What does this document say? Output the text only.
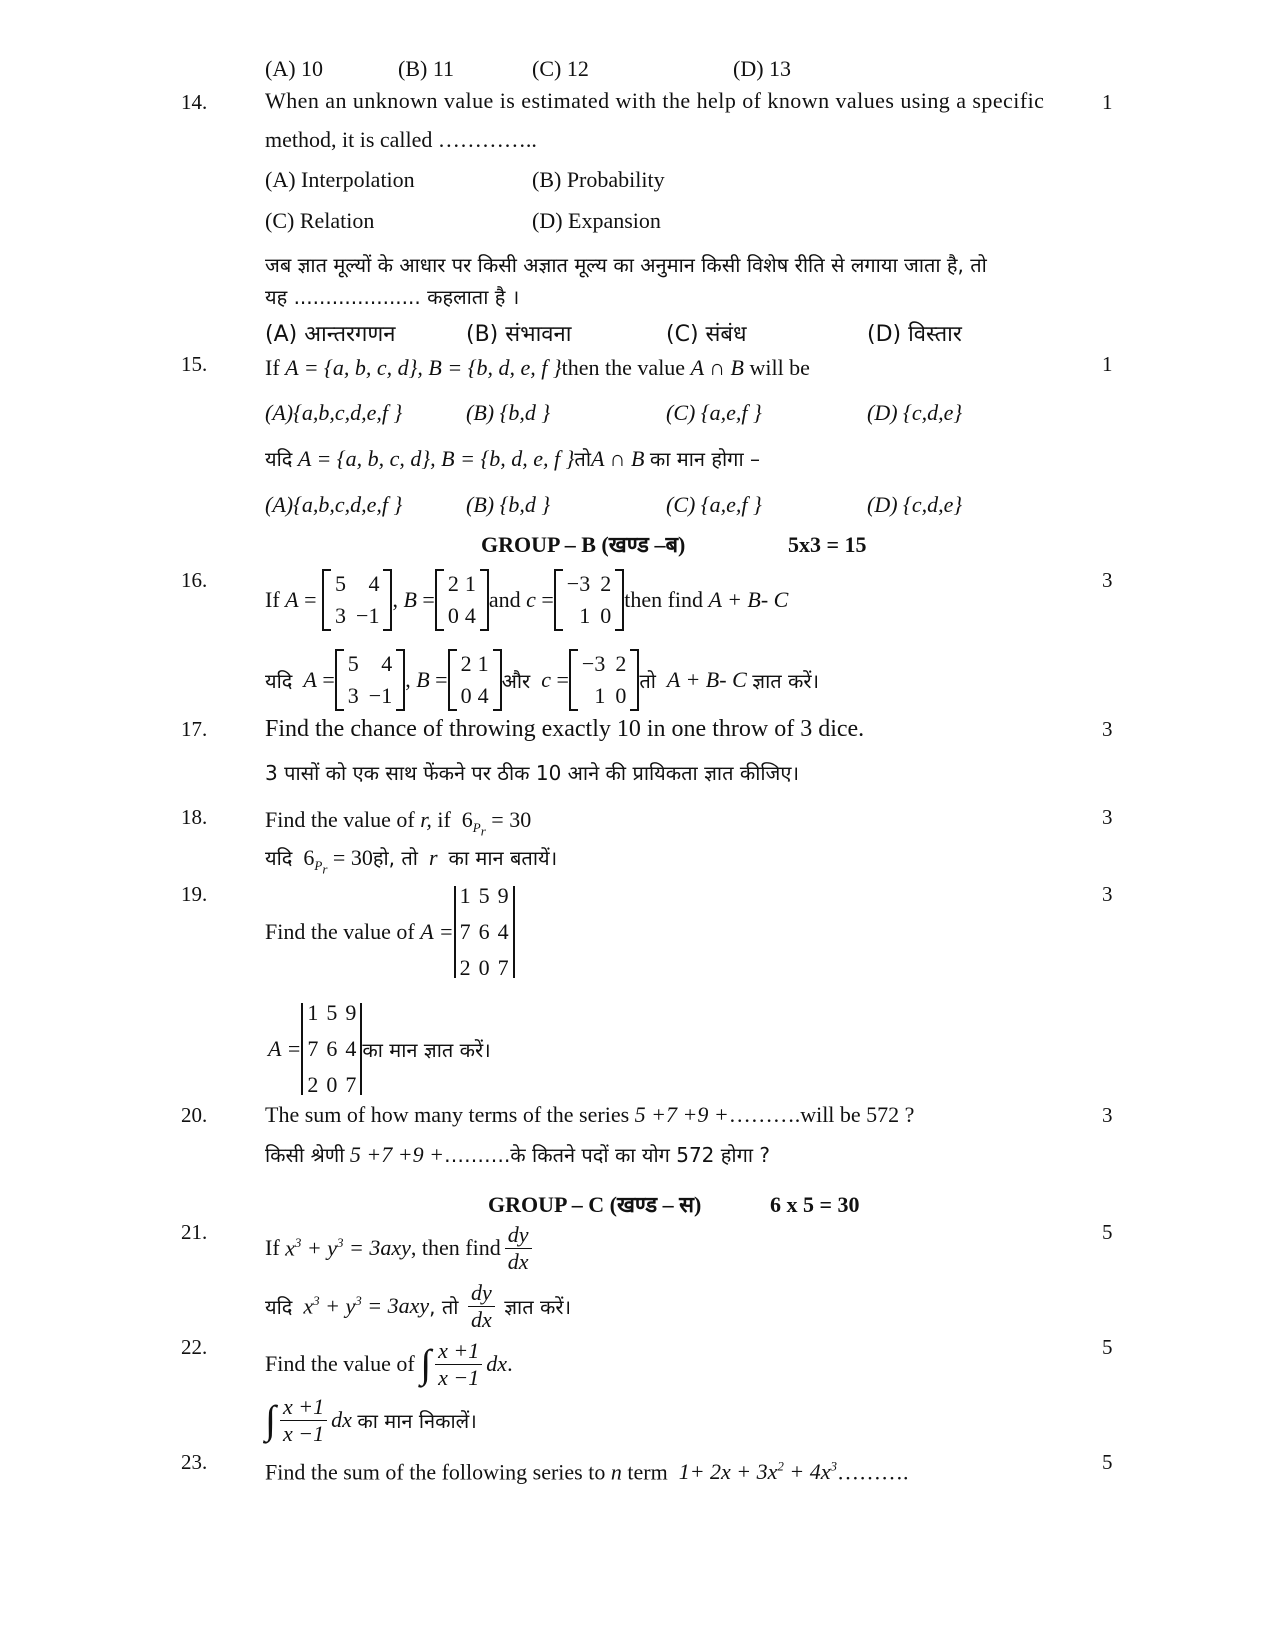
(A) 10	(B) 11	(C) 12	(D) 13
14.	1
When an unknown value is estimated with the help of known values using a specific
method, it is called …………..
(A) Interpolation	(B) Probability
(C) Relation	(D) Expansion
जब ज्ञात मूल्यों के आधार पर किसी अज्ञात मूल्य का अनुमान किसी विशेष रीति से लगाया जाता है, तो
यह .................... कहलाता है ।
(A) आन्तरगणन	(B) संभावना	(C) संबंध	(D) विस्तार
15.	1
If A = {a, b, c, d}, B = {b, d, e, f }then the value A ∩ B will be
(A){a,b,c,d,e,f }	(B) {b,d }	(C) {a,e,f }	(D) {c,d,e}
यदि A = {a, b, c, d}, B = {b, d, e, f }तोA ∩ B का मान होगा –
(A){a,b,c,d,e,f }	(B) {b,d }	(C) {a,e,f }	(D) {c,d,e}
GROUP – B (खण्ड –ब)	5x3 = 15
16.	3
If
A =
5	4
3 −1
, B =
2 1
0 4
and
c =
−3 2
1 0
then find
A + B- C
यदि
A =
5	4
3 −1
, B =
2 1
0 4
और
c =
−3 2
1 0
तो
A + B- C
ज्ञात करें।
17.	3
Find the chance of throwing exactly 10 in one throw of 3 dice.
3 पासों को एक साथ फेंकने पर ठीक 10 आने की प्रायिकता ज्ञात कीजिए।
18.	3
Find the value of r, if $6_{P_r} = 30$
यदि $6_{P_r}$ = 30हो, तो r का मान बतायें।
19.	3
Find the value of
A =
1 5 9
7 6 4
2 0 7
A =
1 5 9
7 6 4
2 0 7
का मान ज्ञात करें।
20.	3
The sum of how many terms of the series 5 +7 +9 +……….will be 572 ?
किसी श्रेणी 5 +7 +9 +……….के कितने पदों का योग 572 होगा ?
GROUP – C (खण्ड – स)	6 x 5 = 30
21.	5
If
$x^3 + y^3 = 3axy$ , then find $\frac{dy}{dx}$
यदि
$x^3 + y^3 = 3axy$ , तो
$\frac{dy}{dx}$
ज्ञात करें।
22.	5
Find the value of
∫ $\frac{x +1}{x -1}$ dx .
∫ $\frac{x +1}{x -1}$ dx
का मान निकालें।
23.	5
Find the sum of the following series to n term $1+ 2x + 3x^2$ + $4x^3\dots\dots\dots$.
